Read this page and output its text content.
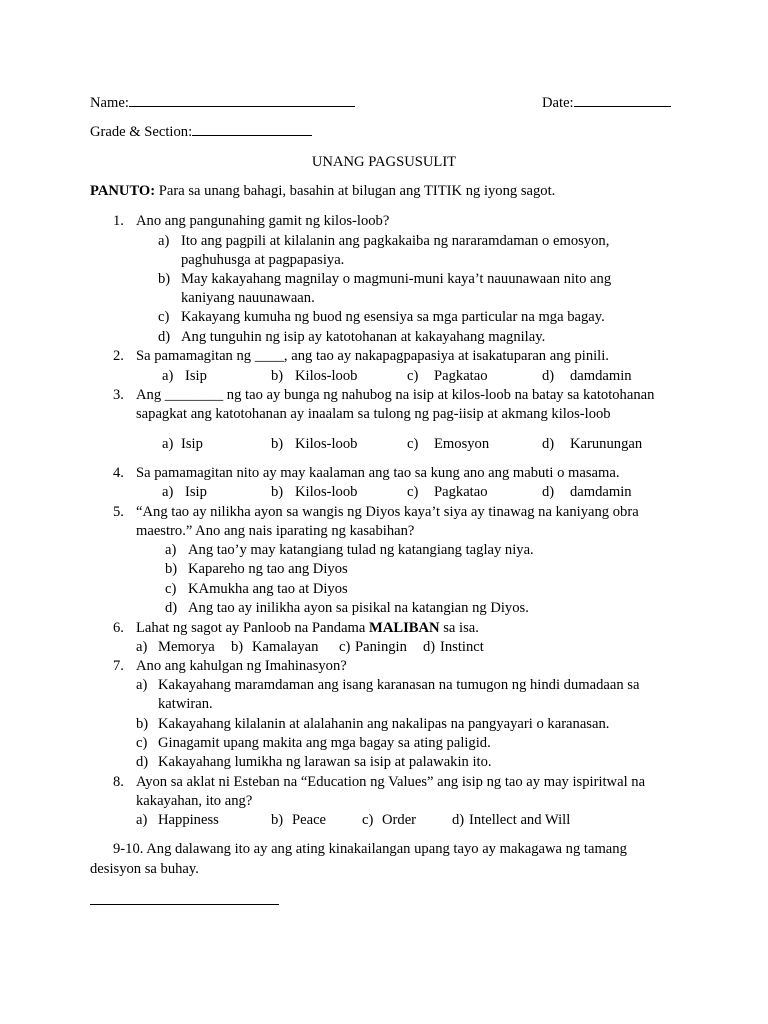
Name:	Date:
Grade & Section:
UNANG PAGSUSULIT
PANUTO: Para sa unang bahagi, basahin at bilugan ang TITIK ng iyong sagot.
1. Ano ang pangunahing gamit ng kilos-loob?
a) Ito ang pagpili at kilalanin ang pagkakaiba ng nararamdaman o emosyon,
paghuhusga at pagpapasiya.
b) May kakayahang magnilay o magmuni-muni kaya’t nauunawaan nito ang
kaniyang nauunawaan.
c) Kakayang kumuha ng buod ng esensiya sa mga particular na mga bagay.
d) Ang tunguhin ng isip ay katotohanan at kakayahang magnilay.
2. Sa pamamagitan ng ____, ang tao ay nakapagpapasiya at isakatuparan ang pinili.
a) Isip	b) Kilos-loob	c) Pagkatao	d) damdamin
3. Ang ________ ng tao ay bunga ng nahubog na isip at kilos-loob na batay sa katotohanan
sapagkat ang katotohanan ay inaalam sa tulong ng pag-iisip at akmang kilos-loob
a) Isip	b) Kilos-loob	c) Emosyon	d) Karunungan
4. Sa pamamagitan nito ay may kaalaman ang tao sa kung ano ang mabuti o masama.
a) Isip	b) Kilos-loob	c) Pagkatao	d) damdamin
5. “Ang tao ay nilikha ayon sa wangis ng Diyos kaya’t siya ay tinawag na kaniyang obra
maestro.” Ano ang nais iparating ng kasabihan?
a) Ang tao’y may katangiang tulad ng katangiang taglay niya.
b) Kapareho ng tao ang Diyos
c) KAmukha ang tao at Diyos
d) Ang tao ay inilikha ayon sa pisikal na katangian ng Diyos.
6. Lahat ng sagot ay Panloob na Pandama MALIBAN sa isa.
a) Memorya b) Kamalayan c) Paningin d) Instinct
7. Ano ang kahulgan ng Imahinasyon?
a) Kakayahang maramdaman ang isang karanasan na tumugon ng hindi dumadaan sa
katwiran.
b) Kakayahang kilalanin at alalahanin ang nakalipas na pangyayari o karanasan.
c) Ginagamit upang makita ang mga bagay sa ating paligid.
d) Kakayahang lumikha ng larawan sa isip at palawakin ito.
8. Ayon sa aklat ni Esteban na “Education ng Values” ang isip ng tao ay may ispiritwal na
kakayahan, ito ang?
a) Happiness	b) Peace c) Order d) Intellect and Will
9-10. Ang dalawang ito ay ang ating kinakailangan upang tayo ay makagawa ng tamang
desisyon sa buhay.
